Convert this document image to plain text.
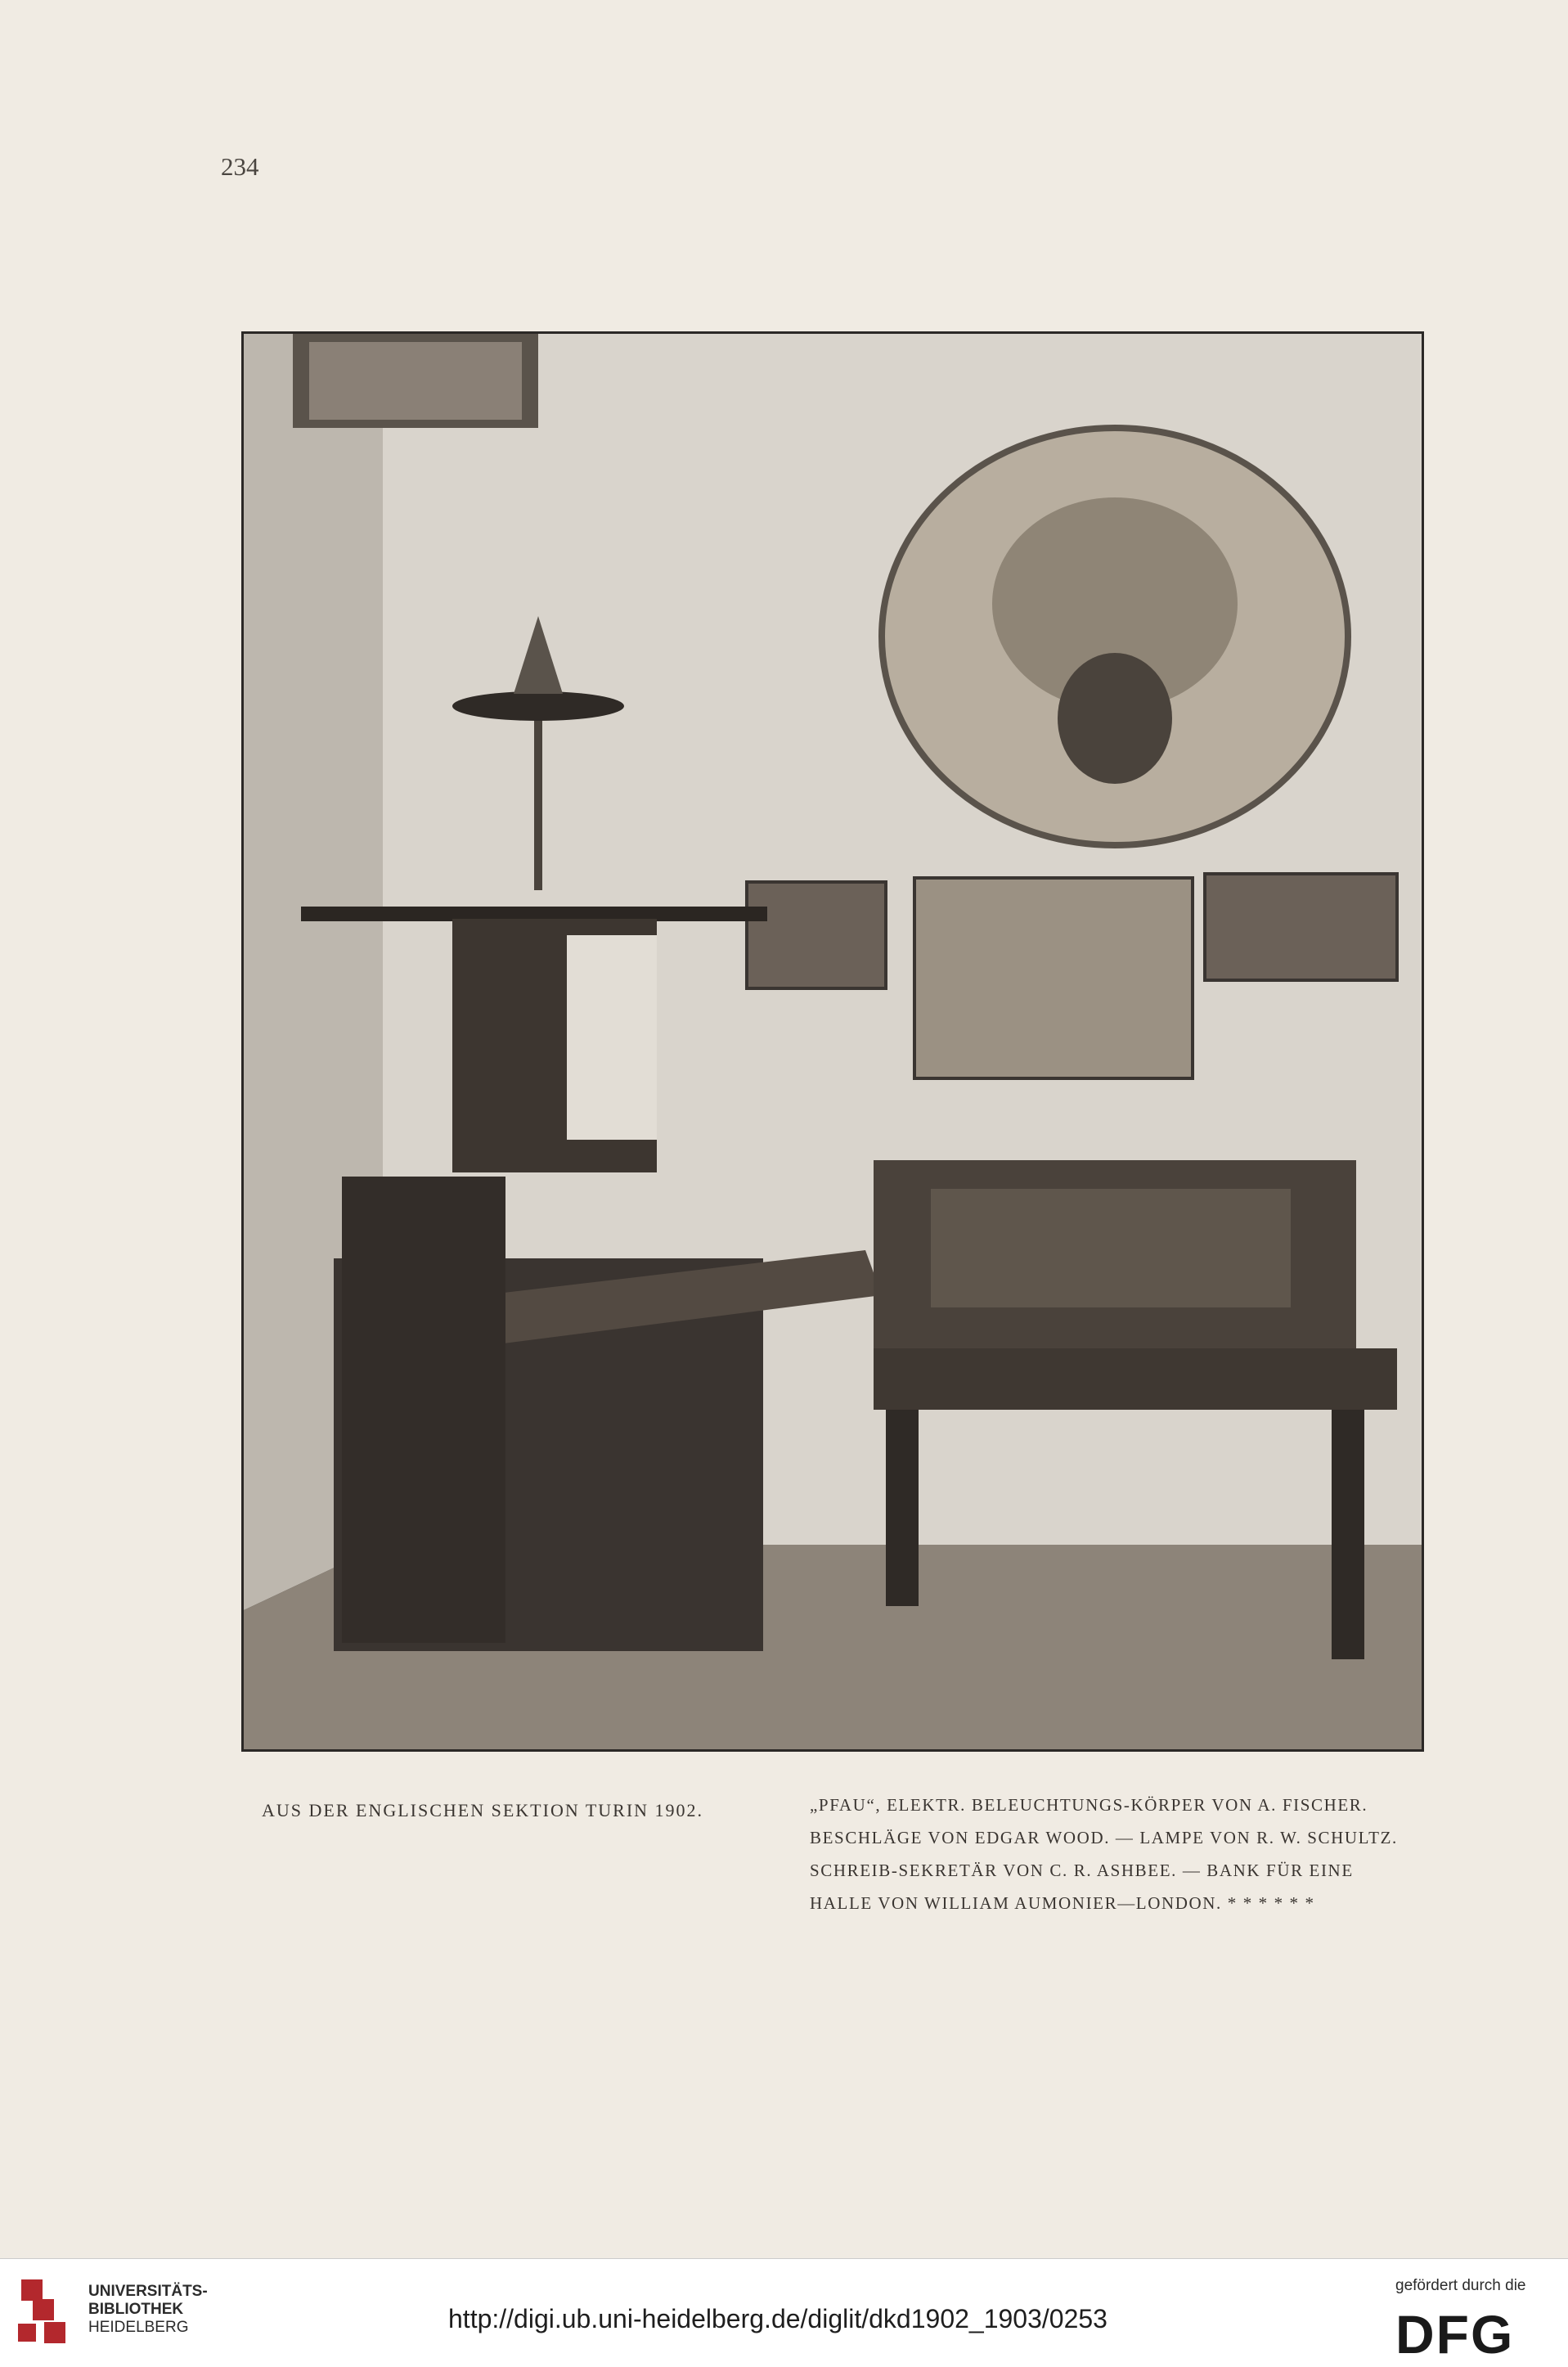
234
AUS DER ENGLISCHEN SEKTION TURIN 1902.	„PFAU“, ELEKTR. BELEUCHTUNGS-KÖRPER VON A. FISCHER.
BESCHLÄGE VON EDGAR WOOD. — LAMPE VON R. W. SCHULTZ.
SCHREIB-SEKRETÄR VON C. R. ASHBEE. — BANK FÜR EINE
HALLE VON WILLIAM AUMONIER—LONDON. * * * * * *
UNIVERSITÄTS-
BIBLIOTHEK
HEIDELBERG	http://digi.ub.uni-heidelberg.de/diglit/dkd1902_1903/0253
gefördert durch die
DFG
